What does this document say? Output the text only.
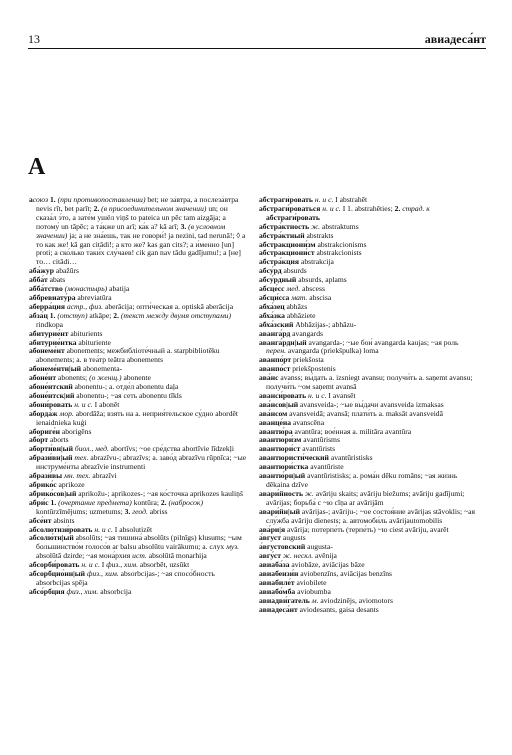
13	авиадеса́нт
А

асоюз 1. (при противопоставлении) bet; не за́втра, а послеза́втра nevis rīt, bet parīt; 2. (в присоединительном значении) un; он сказа́л э́то, а зате́м ушёл viņš to pateica un pēc tam aizgāja; а потому́ un tāpēc; а та́кже un arī; ка́к а? kā arī; 3. (в условном значении) ja; а не зна́ешь, так не говори́! ja nezini, tad nerunā!; ◊ а то как же! kā gan citādi!; а кто же? kas gan cits?; а и́менно [un] proti; а ско́лько таки́х слу́чаев! cik gan nav tādu gadījumu!; а [не] то… citādi…

аба́жур abažūrs

абба́т abats

абба́тство (монастырь) abatija

аббревиату́ра abreviatūra

аберра́ция астр., физ. aberācija; опти́ческая а. optiskā aberācija

абза́ц 1. (отступ) atkāpe; 2. (текст между двумя отступами) rindkopa

абитурие́нт abiturients

абитурие́нтка abituriente

абонеме́нт abonements; межбибліоте́чный а. starpbibliotēku abonements; а. в теа́тр teātra abonements

абонеме́нтн|ый abonementa-

абоне́нт abonents; (о женщ.) abonente

абоне́нтский abonentu-; а. отде́л abonentu daļa

абоне́нтск|ий abonentu-; ~ая сеть abonentu tīkls

абони́ровать н. и с. I abonēt

аборда́ж мор. abordāža; взять на а. неприя́тельское су́дно abordēt ienaidnieka kuģi

абориге́н aborigēns

або́рт aborts

аборти́вн|ый биол., мед. abortīvs; ~ое сре́дства abortīvie līdzekļi

абрази́вн|ый тех. abrazīvu-; abrazīvs; а. заво́д abrazīvu rūpnīca; ~ые инструме́нты abrazīvie instrumenti

абрази́вы мн. тех. abrazīvi

абрико́с aprikoze

абрико́сов|ый aprikožu-; aprikozes-; ~ая ко́сточка aprikozes kauliņš

абри́с 1. (очертание предмета) kontūra; 2. (набросок) kontūrzīmējums; uzmetums; 3. геод. abriss

абсе́нт absints

абсолютизи́ровать н. и с. I absolutizēt

абсолю́тн|ый absolūts; ~ая тишина́ absolūts (pilnīgs) klusums; ~ым большинство́м голосо́в ar balsu absolūtu vairākumu; а. слух муз. absolūtā dzirde; ~ая мона́рхия ист. absolūtā monarhija

абсорби́ровать н. и с. I физ., хим. absorbēt, uzsūkt

абсорбцио́нн|ый физ., хим. absorbcijas-; ~ая спосо́бность absorbcijas spēja

абсо́рбция физ., хим. absorbcija

абстраги́ровать н. и с. I abstrahēt

абстраги́роваться н. и с. I 1. abstrahēties; 2. страд. к абстраги́ровать

абстра́ктность ж. abstraktums

абстра́ктный abstrakts

абстракциони́зм abstrakcionisms

абстракциони́ст abstrakcionists

абстра́кция abstrakcija

абсу́рд absurds

абсу́рдный absurds, aplams

абсце́сс мед. abscess

абсци́сса мат. abscisa

абха́зец abhāzs

абха́зка abhāziete

абха́зский Abhāzijas-; abhāzu-

аванга́рд avangards

аванга́рдн|ый avangarda-; ~ые бои́ avangarda kaujas; ~ая роль перен. avangarda (priekšpulka) loma

аванпо́рт priekšosta

аванпо́ст priekšpostenis

ава́нс avanss; вы́дать а. izsniegt avansu; получи́ть а. saņemt avansu; получи́ть ~ом saņemt avansā

аванси́ровать н. и с. I avansēt

ава́нсов|ый avansveida-; ~ые вы́дачи avansveida izmaksas

ава́нсом avansveidā; avansā; плати́ть а. maksāt avansveidā

аванце́на avanscēna

авантю́ра avantūra; вое́нная а. militāra avantūra

авантюри́зм avantūrisms

авантюри́ст avantūrists

авантюристи́ческий avantūristisks

авантюри́стка avantūriste

авантю́рн|ый avantūristisks; а. рома́н dēku romāns; ~ая жизнь dēkaina dzīve

авари́йность ж. avāriju skaits; avāriju biežums; avāriju gadījumi; avārijas; борьба́ с ~ю cīņa ar avārijām

авари́йн|ый avārijas-; avāriju-; ~ое состоя́ние avārijas stāvoklis; ~ая слу́жба avāriju dienests; а. автомоби́ль avārijautomobilis

ава́ри|я avārija; потерпе́ть (терпе́ть) ~ю ciest avāriju, avarēt

а́вгуст augusts

а́вгустовский augusta-

авгу́ст ж. нескл. avēnija

авиаба́за aviobāze, aviācijas bāze

авиабензи́н aviobenzīns, aviācijas benzīns

авиабиле́т aviobilete

авиабо́мба aviobumba

авиадви́гатель м. aviodzinējs, aviomotors

авиадеса́нт aviodesants, gaisa desants
